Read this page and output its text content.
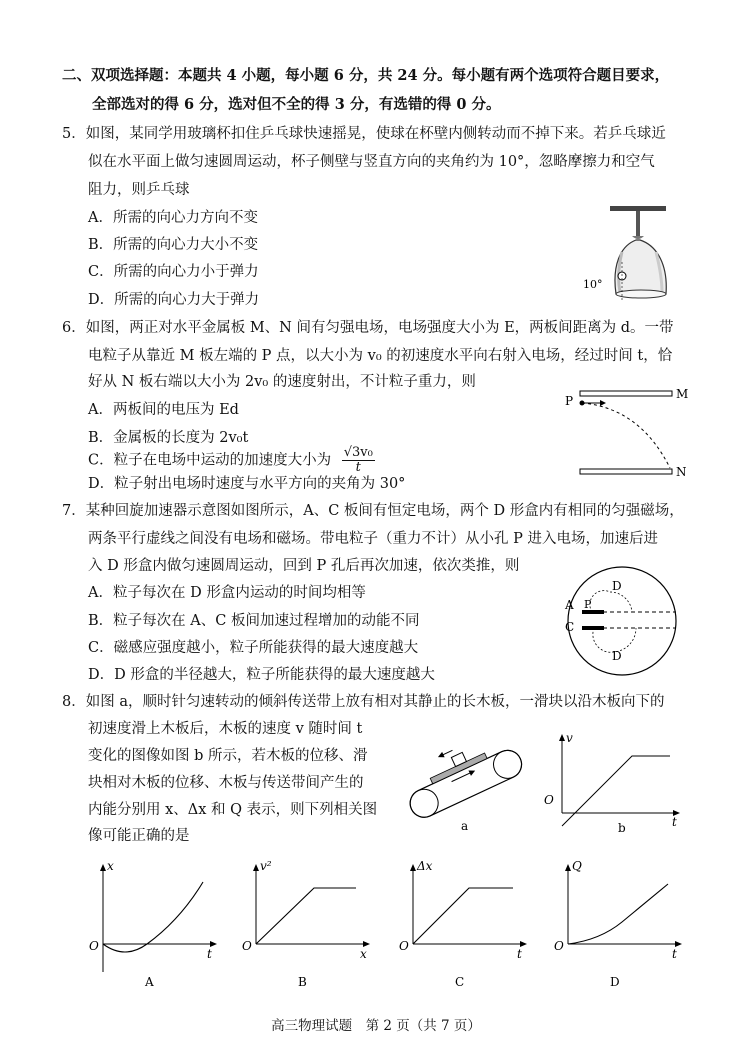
二、双项选择题：本题共 4 小题，每小题 6 分，共 24 分。每小题有两个选项符合题目要求，
全部选对的得 6 分，选对但不全的得 3 分，有选错的得 0 分。
5．如图，某同学用玻璃杯扣住乒乓球快速摇晃，使球在杯壁内侧转动而不掉下来。若乒乓球近
似在水平面上做匀速圆周运动，杯子侧壁与竖直方向的夹角约为 10°，忽略摩擦力和空气
阻力，则乒乓球
A．所需的向心力方向不变
B．所需的向心力大小不变
C．所需的向心力小于弹力
D．所需的向心力大于弹力
10°
6．如图，两正对水平金属板 M、N 间有匀强电场，电场强度大小为 E，两板间距离为 d。一带
电粒子从靠近 M 板左端的 P 点，以大小为 v₀ 的初速度水平向右射入电场，经过时间 t，恰
好从 N 板右端以大小为 2v₀ 的速度射出，不计粒子重力，则
A．两板间的电压为 Ed
B．金属板的长度为 2v₀t
C．粒子在电场中运动的加速度大小为 $\frac{\text{√3v₀}}{t}$
D．粒子射出电场时速度与水平方向的夹角为 30°
P	M
N
7．某种回旋加速器示意图如图所示，A、C 板间有恒定电场，两个 D 形盒内有相同的匀强磁场，
两条平行虚线之间没有电场和磁场。带电粒子（重力不计）从小孔 P 进入电场，加速后进
入 D 形盒内做匀速圆周运动，回到 P 孔后再次加速，依次类推，则
A．粒子每次在 D 形盒内运动的时间均相等
B．粒子每次在 A、C 板间加速过程增加的动能不同
C．磁感应强度越小，粒子所能获得的最大速度越大
D．D 形盒的半径越大，粒子所能获得的最大速度越大
D
D
A P
C
8．如图 a，顺时针匀速转动的倾斜传送带上放有相对其静止的长木板，一滑块以沿木板向下的
初速度滑上木板后，木板的速度 v 随时间 t
变化的图像如图 b 所示，若木板的位移、滑
块相对木板的位移、木板与传送带间产生的
内能分别用 x、Δx 和 Q 表示，则下列相关图
像可能正确的是
a
v
t
O
b
x
t
O
A
v²
x
O
B
Δx
t
O
C
Q
t
O
D
高三物理试题　第 2 页（共 7 页）
